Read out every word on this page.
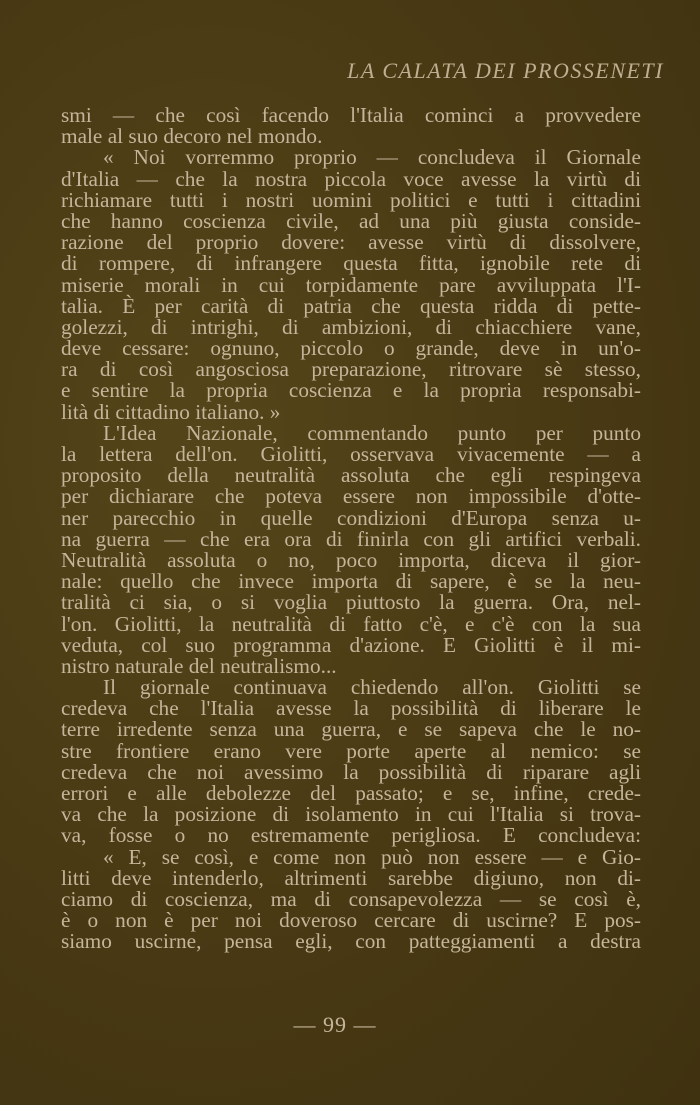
LA CALATA DEI PROSSENETI
smi — che così facendo l'Italia cominci a provvedere
male al suo decoro nel mondo.
« Noi vorremmo proprio — concludeva il Giornale
d'Italia — che la nostra piccola voce avesse la virtù di
richiamare tutti i nostri uomini politici e tutti i cittadini
che hanno coscienza civile, ad una più giusta conside-
razione del proprio dovere: avesse virtù di dissolvere,
di rompere, di infrangere questa fitta, ignobile rete di
miserie morali in cui torpidamente pare avviluppata l'I-
talia. È per carità di patria che questa ridda di pette-
golezzi, di intrighi, di ambizioni, di chiacchiere vane,
deve cessare: ognuno, piccolo o grande, deve in un'o-
ra di così angosciosa preparazione, ritrovare sè stesso,
e sentire la propria coscienza e la propria responsabi-
lità di cittadino italiano. »
L'Idea Nazionale, commentando punto per punto
la lettera dell'on. Giolitti, osservava vivacemente — a
proposito della neutralità assoluta che egli respingeva
per dichiarare che poteva essere non impossibile d'otte-
ner parecchio in quelle condizioni d'Europa senza u-
na guerra — che era ora di finirla con gli artifici verbali.
Neutralità assoluta o no, poco importa, diceva il gior-
nale: quello che invece importa di sapere, è se la neu-
tralità ci sia, o si voglia piuttosto la guerra. Ora, nel-
l'on. Giolitti, la neutralità di fatto c'è, e c'è con la sua
veduta, col suo programma d'azione. E Giolitti è il mi-
nistro naturale del neutralismo...
Il giornale continuava chiedendo all'on. Giolitti se
credeva che l'Italia avesse la possibilità di liberare le
terre irredente senza una guerra, e se sapeva che le no-
stre frontiere erano vere porte aperte al nemico: se
credeva che noi avessimo la possibilità di riparare agli
errori e alle debolezze del passato; e se, infine, crede-
va che la posizione di isolamento in cui l'Italia si trova-
va, fosse o no estremamente perigliosa. E concludeva:
« E, se così, e come non può non essere — e Gio-
litti deve intenderlo, altrimenti sarebbe digiuno, non di-
ciamo di coscienza, ma di consapevolezza — se così è,
è o non è per noi doveroso cercare di uscirne? E pos-
siamo uscirne, pensa egli, con patteggiamenti a destra
— 99 —
